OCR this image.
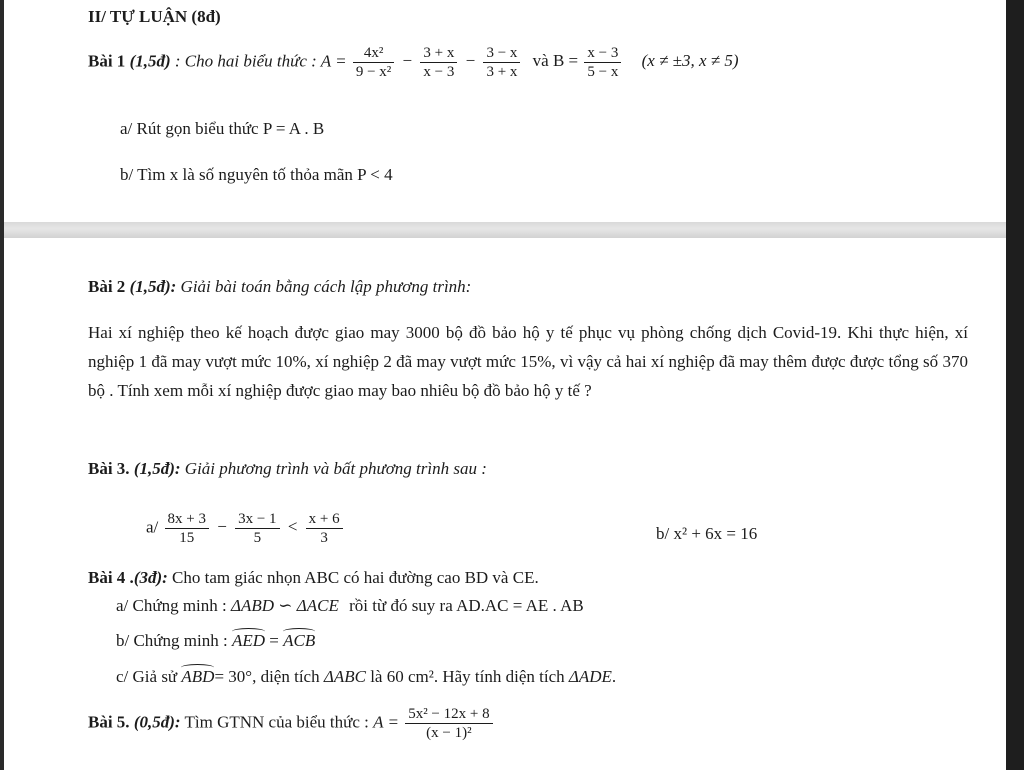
II/ TỰ LUẬN (8đ)
Bài 1 (1,5đ) : Cho hai biểu thức : $A = \frac{\text{4x²}}{\text{9 − x²}} - \frac{3 + x}{x - 3} - \frac{3 - x}{3 + x}$ và $B = \frac{x - 3}{5 - x} (x \ne \pm 3$, x ≠ 5)
a/ Rút gọn biểu thức P = A . B
b/ Tìm x là số nguyên tố thỏa mãn P < 4
Bài 2 (1,5đ): Giải bài toán bằng cách lập phương trình:
Hai xí nghiệp theo kế hoạch được giao may 3000 bộ đồ bảo hộ y tế phục vụ phòng chống dịch Covid-19. Khi thực hiện, xí nghiệp 1 đã may vượt mức 10%, xí nghiệp 2 đã may vượt mức 15%, vì vậy cả hai xí nghiệp đã may thêm được được tổng số 370 bộ . Tính xem mỗi xí nghiệp được giao may bao nhiêu bộ đồ bảo hộ y tế ?
Bài 3. (1,5đ): Giải phương trình và bất phương trình sau :
$a/ \frac{8x + 3}{15} - \frac{3x - 1}{5} < \frac{x + 6}{3}$	b/ x² + 6x = 16
Bài 4 .(3đ): Cho tam giác nhọn ABC có hai đường cao BD và CE.
a/ Chứng minh : ΔABD ∽ ΔACE rồi từ đó suy ra AD.AC = AE . AB
b/ Chứng minh : AED = ACB
c/ Giả sử ABD= 30°, diện tích ΔABC là 60 cm². Hãy tính diện tích ΔADE.
Bài 5. (0,5đ): Tìm GTNN của biểu thức : $A = \frac{\text{5x² − 12x + 8}}{\text{(x − 1)²}}$
